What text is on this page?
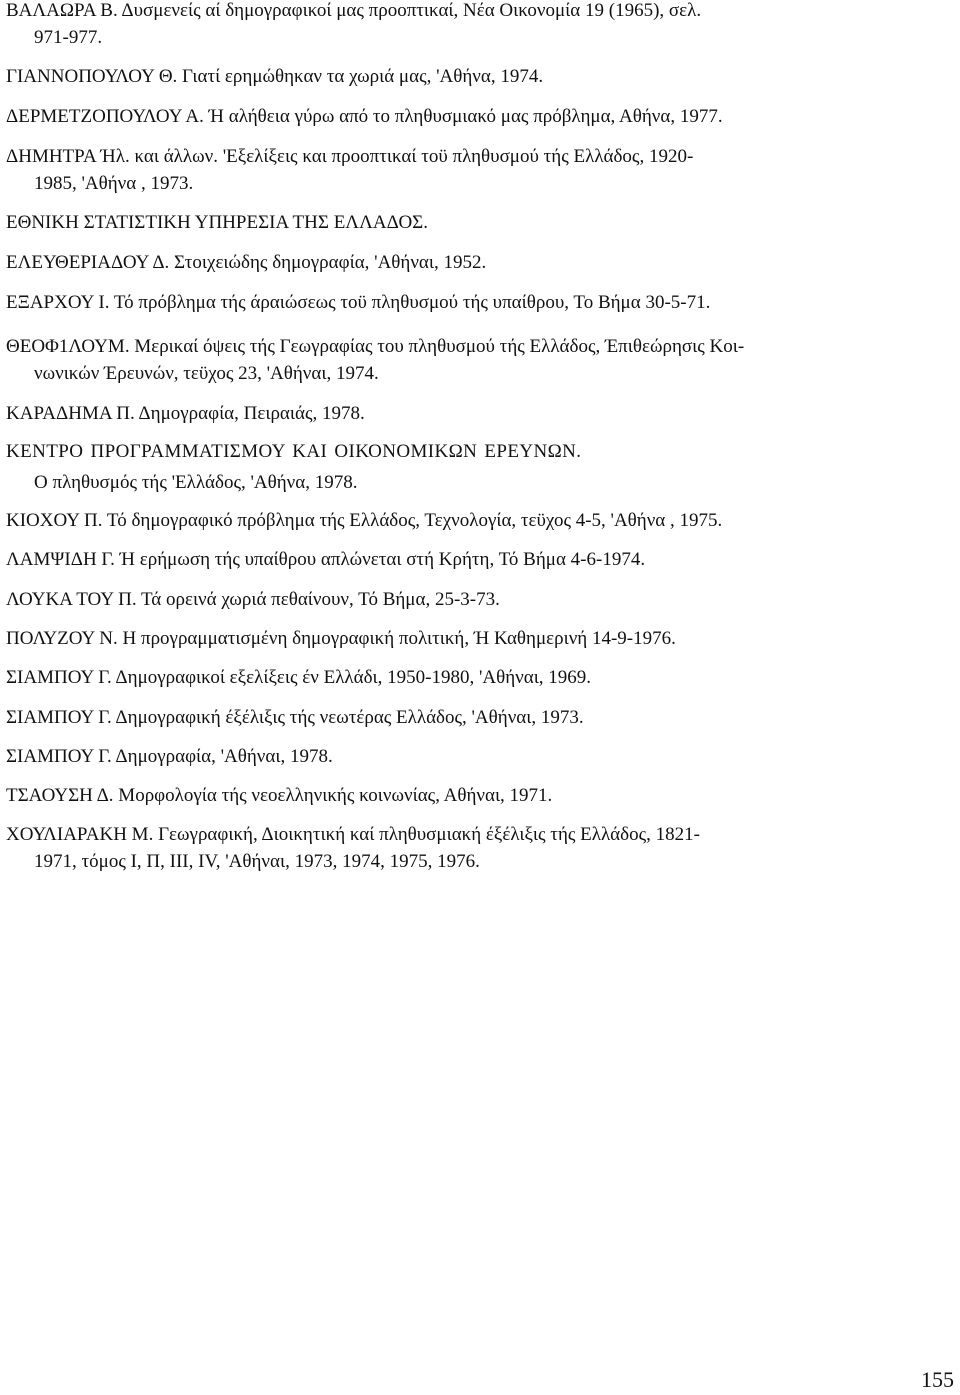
ΒΑΛΑΩΡΑ Β. Δυσμενείς αί δημογραφικοί μας προοπτικαί, Νέα Οικονομία 19 (1965), σελ.
971-977.
ΓΙΑΝΝΟΠΟΥΛΟΥ Θ. Γιατί ερημώθηκαν τα χωριά μας, 'Αθήνα, 1974.
ΔΕΡΜΕΤΖΟΠΟΥΛΟΥ Α. Ή αλήθεια γύρω από το πληθυσμιακό μας πρόβλημα, Αθήνα, 1977.
ΔΗΜΗΤΡΑ Ήλ. και άλλων. 'Εξελίξεις και προοπτικαί τοϋ πληθυσμού τής Ελλάδος, 1920-
1985, 'Αθήνα , 1973.
ΕΘΝΙΚΗ ΣΤΑΤΙΣΤΙΚΗ ΥΠΗΡΕΣΙΑ ΤΗΣ ΕΛΛΑΔΟΣ.
ΕΛΕΥΘΕΡΙΑΔΟΥ Δ. Στοιχειώδης δημογραφία, 'Αθήναι, 1952.
ΕΞΑΡΧΟΥ Ι. Τό πρόβλημα τής άραιώσεως τοϋ πληθυσμού τής υπαίθρου, Το Βήμα 30-5-71.
ΘΕΟΦ1ΛΟΥΜ. Μερικαί όψεις τής Γεωγραφίας του πληθυσμού τής Ελλάδος, Έπιθεώρησις Κοι-
νωνικών Έρευνών, τεϋχος 23, 'Αθήναι, 1974.
ΚΑΡΑΔΗΜΑ Π. Δημογραφία, Πειραιάς, 1978.
ΚΕΝΤΡΟ ΠΡΟΓΡΑΜΜΑΤΙΣΜΟΥ ΚΑΙ ΟΙΚΟΝΟΜΙΚΩΝ ΕΡΕΥΝΩΝ.
Ο πληθυσμός τής 'Ελλάδος, 'Αθήνα, 1978.
ΚΙΟΧΟΥ Π. Τό δημογραφικό πρόβλημα τής Ελλάδος, Τεχνολογία, τεϋχος 4-5, 'Αθήνα , 1975.
ΛΑΜΨΙΔΗ Γ. Ή ερήμωση τής υπαίθρου απλώνεται στή Κρήτη, Τό Βήμα 4-6-1974.
ΛΟΥΚΑ ΤΟΥ Π. Τά ορεινά χωριά πεθαίνουν, Τό Βήμα, 25-3-73.
ΠΟΛΥΖΟΥ Ν. Η προγραμματισμένη δημογραφική πολιτική, Ή Καθημερινή 14-9-1976.
ΣΙΑΜΠΟΥ Γ. Δημογραφικοί εξελίξεις έν Ελλάδι, 1950-1980, 'Αθήναι, 1969.
ΣΙΑΜΠΟΥ Γ. Δημογραφική έξέλιξις τής νεωτέρας Ελλάδος, 'Αθήναι, 1973.
ΣΙΑΜΠΟΥ Γ. Δημογραφία, 'Αθήναι, 1978.
ΤΣΑΟΥΣΗ Δ. Μορφολογία τής νεοελληνικής κοινωνίας, Αθήναι, 1971.
ΧΟΥΛΙΑΡΑΚΗ Μ. Γεωγραφική, Διοικητική καί πληθυσμιακή έξέλιξις τής Ελλάδος, 1821-
1971, τόμος Ι, Π, III, IV, 'Αθήναι, 1973, 1974, 1975, 1976.
155
